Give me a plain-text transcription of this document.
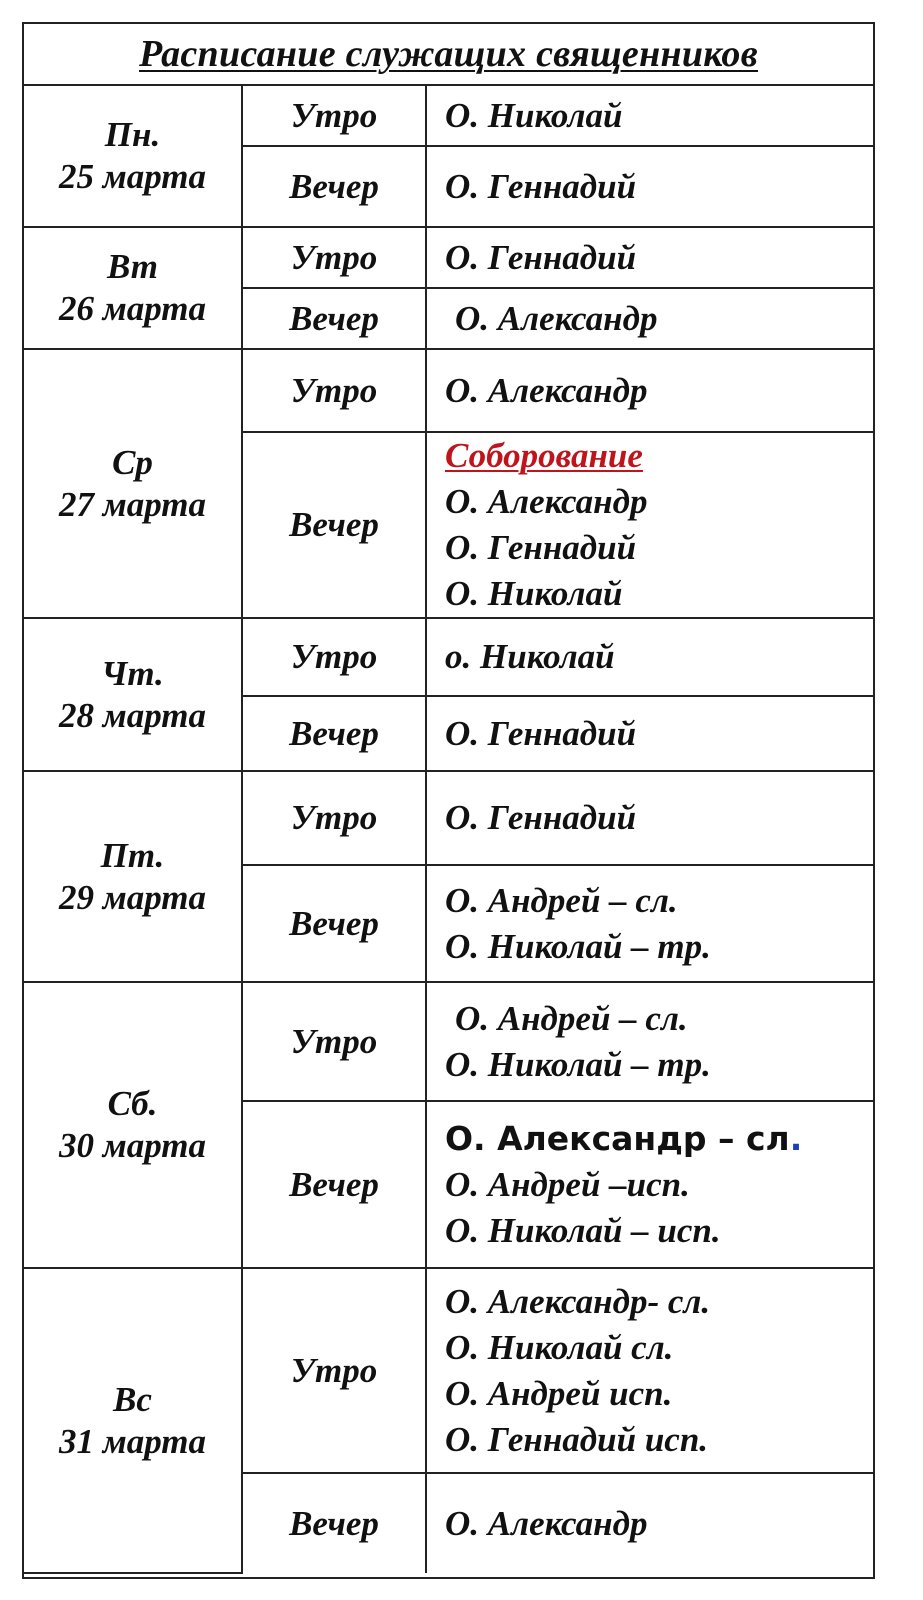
Расписание служащих священников		

Пн.
25 марта	Утро	О. Николай

	Вечер	О. Геннадий

Вт
26 марта	Утро	О. Геннадий

	Вечер	О. Александр

Ср
27 марта	Утро	О. Александр

	Вечер	Соборование
О. Александр
О. Геннадий
О. Николай

Чт.
28 марта	Утро	о. Николай

	Вечер	О. Геннадий

Пт.
29 марта	Утро	О. Геннадий

	Вечер	О. Андрей – сл.
О. Николай – тр.

Сб.
30 марта	Утро	О. Андрей – сл.
О. Николай – тр.

	Вечер	О. Александр – сл.
О. Андрей –исп.
О. Николай – исп.

Вс
31 марта	Утро	О. Александр- сл.
О. Николай сл.
О. Андрей исп.
О. Геннадий исп.

	Вечер	О. Александр
